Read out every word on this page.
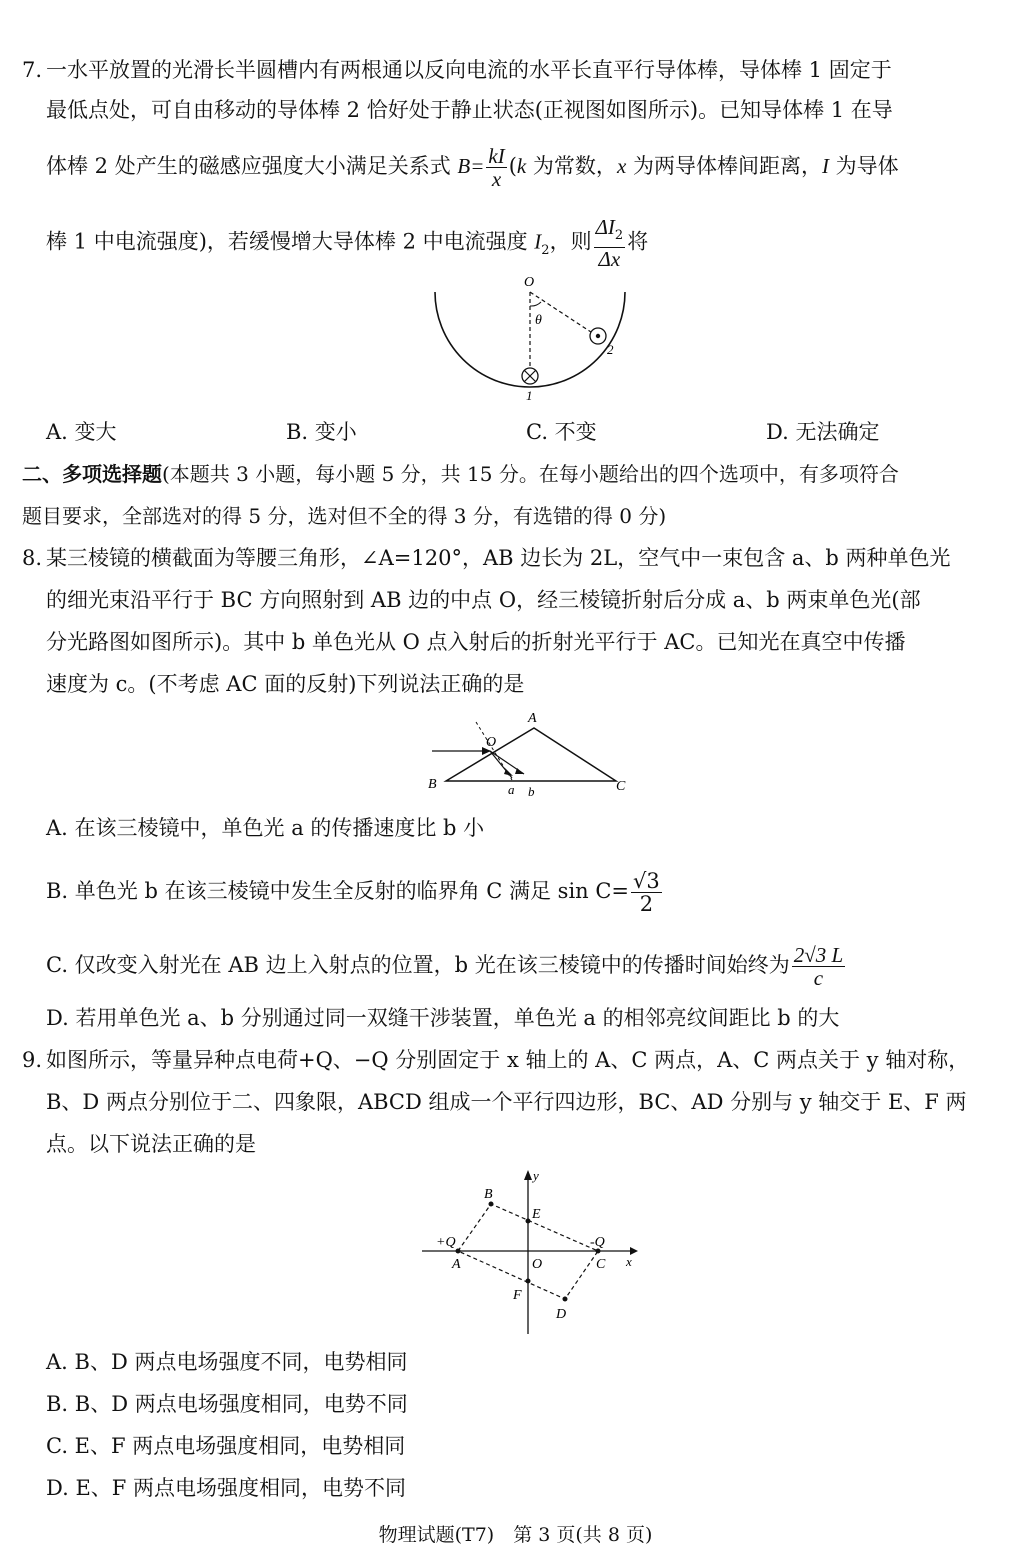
7. 一水平放置的光滑长半圆槽内有两根通以反向电流的水平长直平行导体棒，导体棒 1 固定于
最低点处，可自由移动的导体棒 2 恰好处于静止状态(正视图如图所示)。已知导体棒 1 在导
体棒 2 处产生的磁感应强度大小满足关系式 $B= \frac{kI}{x} (k$ 为常数，x 为两导体棒间距离，I 为导体
棒 1 中电流强度)，若缓慢增大导体棒 2 中电流强度 $I_2$，则 $\frac{\Delta I_2}{\Delta x}$ 将
O
θ
1
2
A. 变大	B. 变小	C. 不变	D. 无法确定
二、多项选择题(本题共 3 小题，每小题 5 分，共 15 分。在每小题给出的四个选项中，有多项符合
题目要求，全部选对的得 5 分，选对但不全的得 3 分，有选错的得 0 分)
8. 某三棱镜的横截面为等腰三角形，∠A=120°，AB 边长为 2L，空气中一束包含 a、b 两种单色光
的细光束沿平行于 BC 方向照射到 AB 边的中点 O，经三棱镜折射后分成 a、b 两束单色光(部
分光路图如图所示)。其中 b 单色光从 O 点入射后的折射光平行于 AC。已知光在真空中传播
速度为 c。(不考虑 AC 面的反射)下列说法正确的是
A
B	C
O
a b
A. 在该三棱镜中，单色光 a 的传播速度比 b 小
B. 单色光 b 在该三棱镜中发生全反射的临界角 C 满足 $\sin C= \frac{√3}{2}$
C. 仅改变入射光在 AB 边上入射点的位置，b 光在该三棱镜中的传播时间始终为 $\frac{2√3 L}{c}$
D. 若用单色光 a、b 分别通过同一双缝干涉装置，单色光 a 的相邻亮纹间距比 b 的大
9. 如图所示，等量异种点电荷+Q、−Q 分别固定于 x 轴上的 A、C 两点，A、C 两点关于 y 轴对称，
B、D 两点分别位于二、四象限，ABCD 组成一个平行四边形，BC、AD 分别与 y 轴交于 E、F 两
点。以下说法正确的是
y
x
B
E
+Q	-Q
A	O	C
F
D
A. B、D 两点电场强度不同，电势相同
B. B、D 两点电场强度相同，电势不同
C. E、F 两点电场强度相同，电势相同
D. E、F 两点电场强度相同，电势不同
物理试题(T7)　第 3 页(共 8 页)
